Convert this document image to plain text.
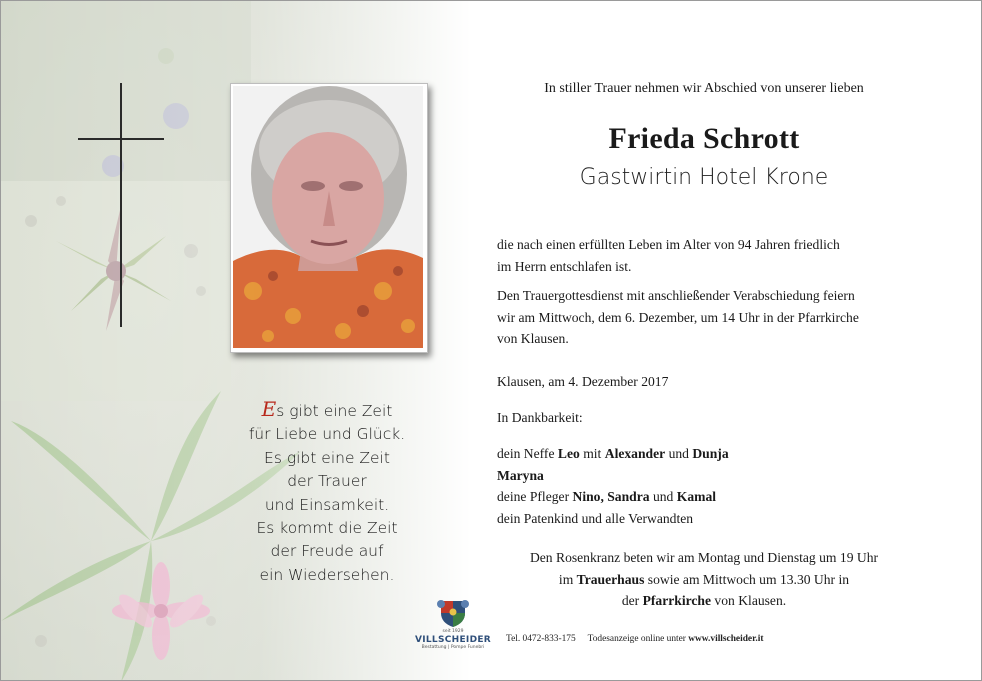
Es gibt eine Zeit
für Liebe und Glück.
Es gibt eine Zeit
der Trauer
und Einsamkeit.
Es kommt die Zeit
der Freude auf
ein Wiedersehen.
In stiller Trauer nehmen wir Abschied von unserer lieben
Frieda Schrott
Gastwirtin Hotel Krone
die nach einen erfüllten Leben im Alter von 94 Jahren friedlich
im Herrn entschlafen ist.
Den Trauergottesdienst mit anschließender Verabschiedung feiern
wir am Mittwoch, dem 6. Dezember, um 14 Uhr in der Pfarrkirche
von Klausen.
Klausen, am 4. Dezember 2017
In Dankbarkeit:
dein Neffe Leo mit Alexander und Dunja
Maryna
deine Pfleger Nino, Sandra und Kamal
dein Patenkind und alle Verwandten
Den Rosenkranz beten wir am Montag und Dienstag um 19 Uhr
im Trauerhaus sowie am Mittwoch um 13.30 Uhr in
der Pfarrkirche von Klausen.
seit 1929
VILLSCHEIDER
Bestattung | Pompe Funebri
Tel. 0472-833-175 Todesanzeige online unter www.villscheider.it
